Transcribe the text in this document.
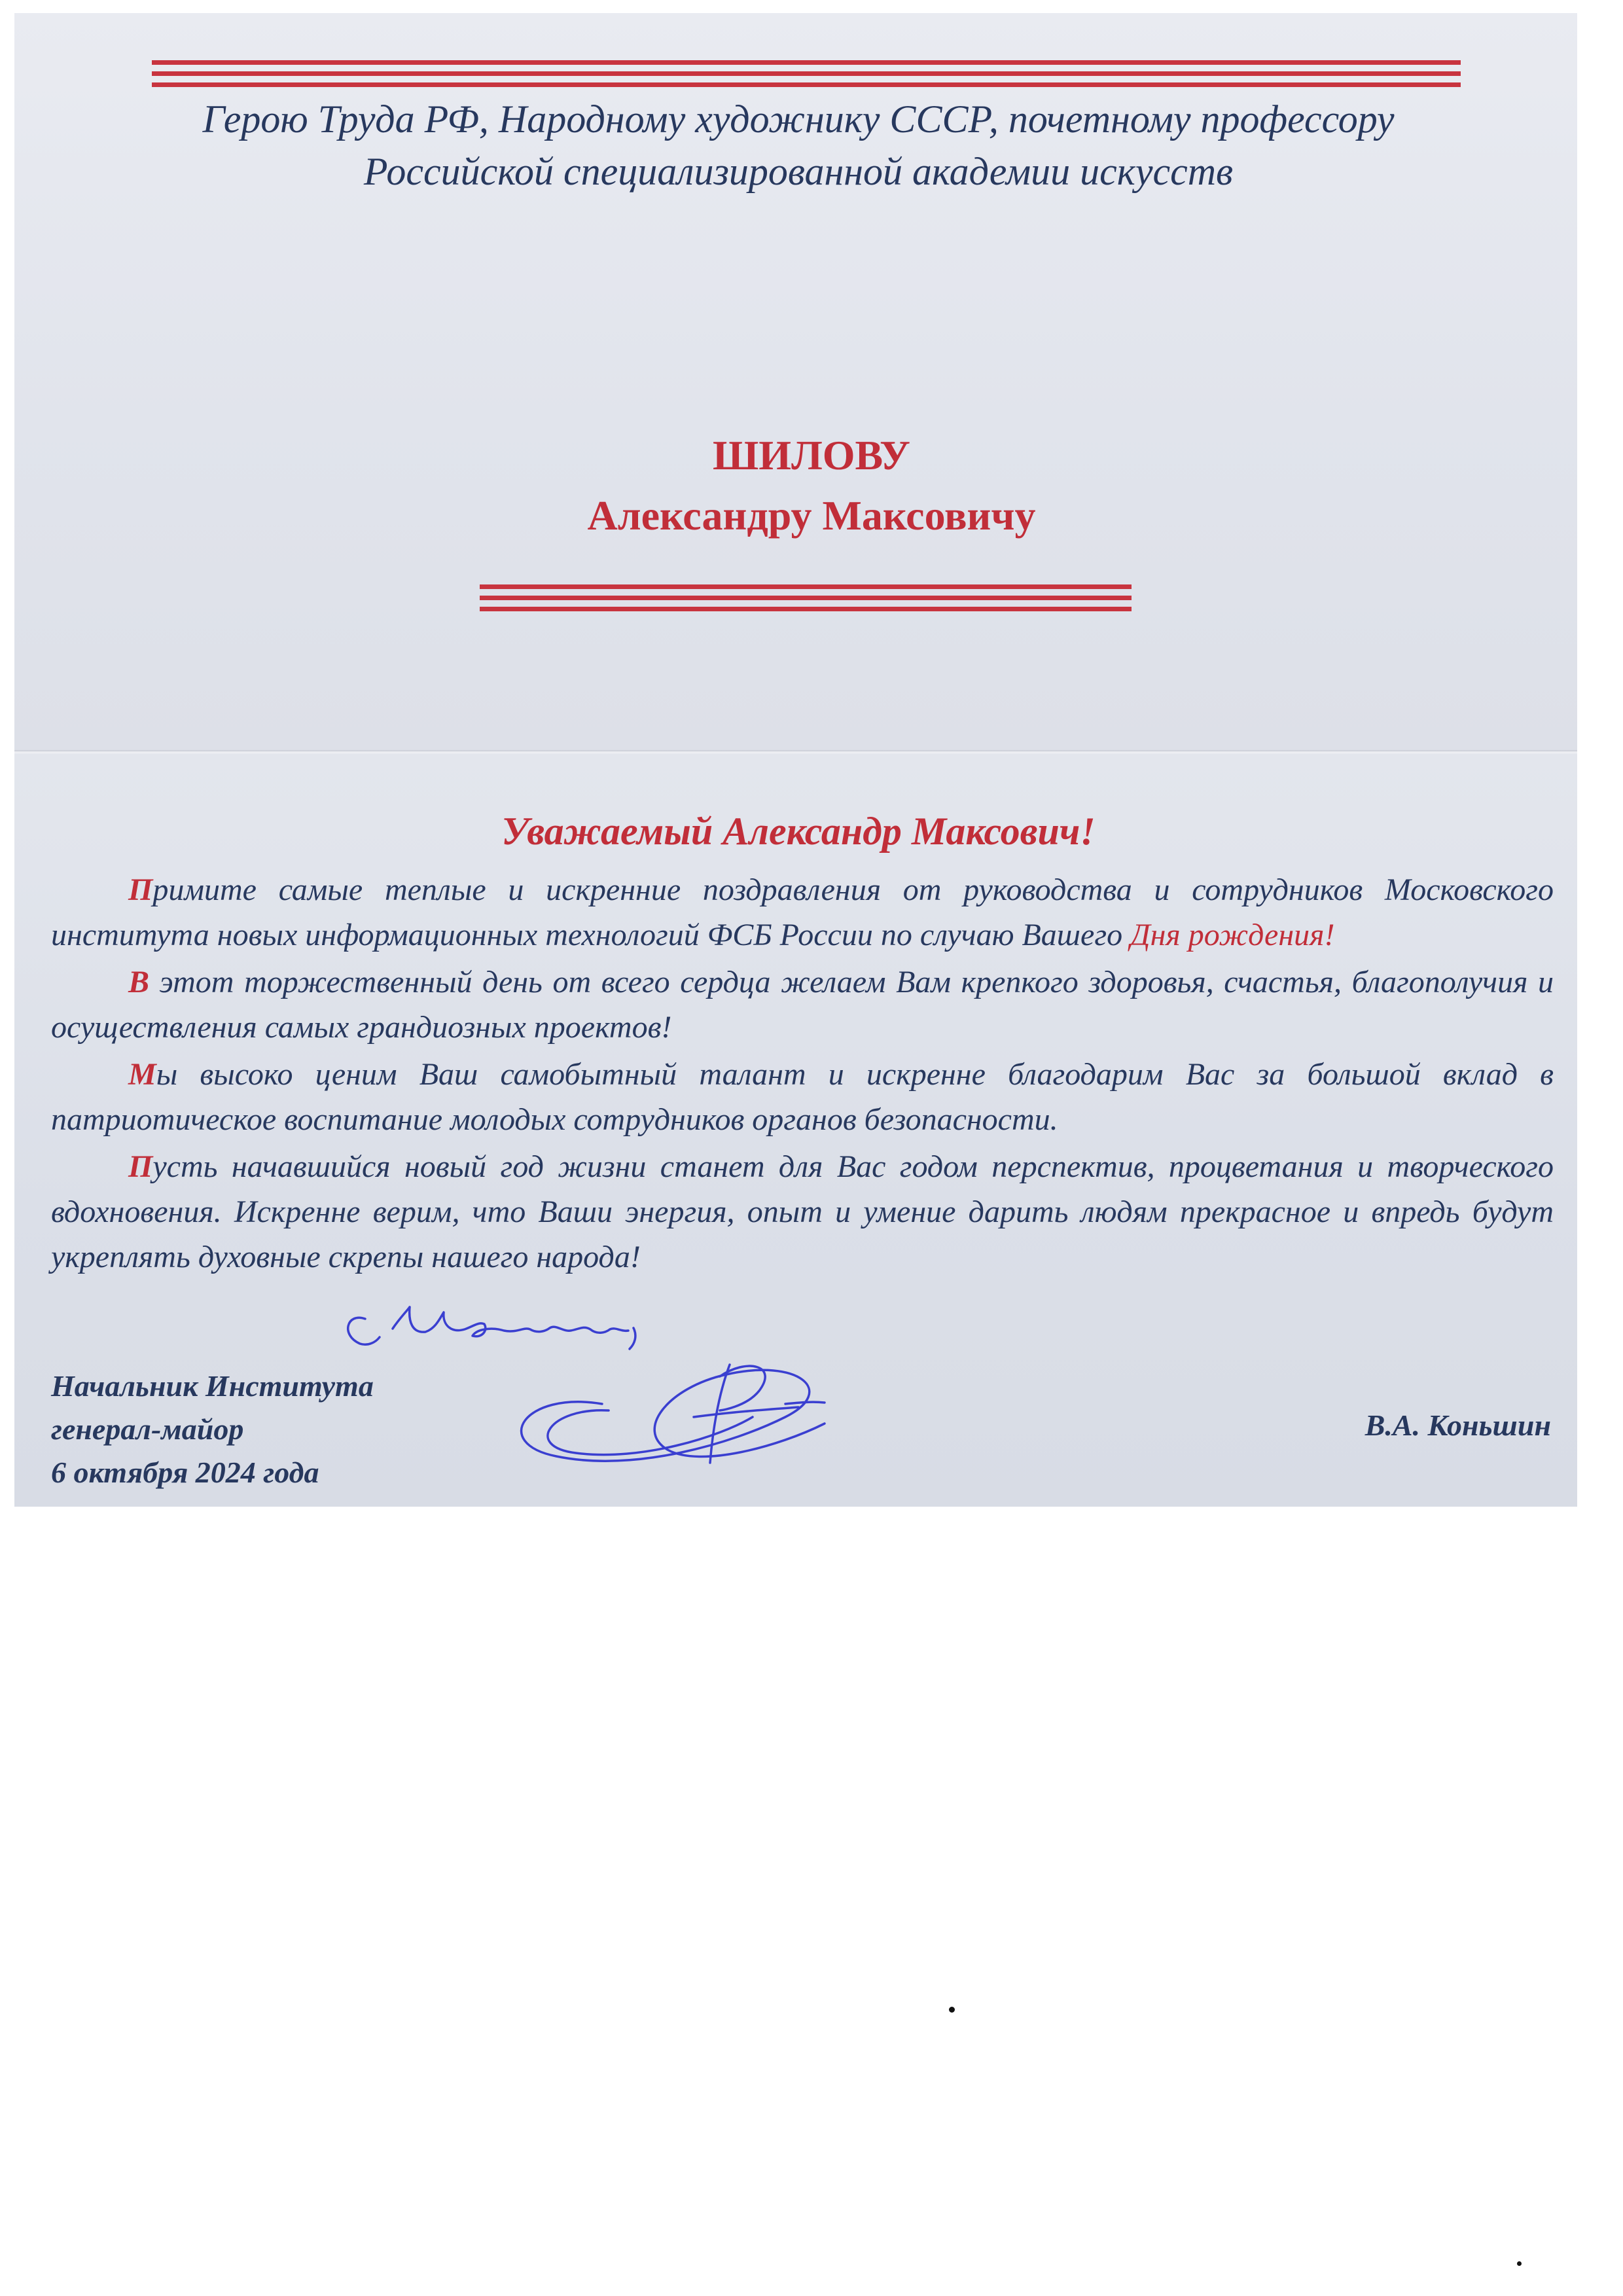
Герою Труда РФ, Народному художнику СССР, почетному профессору
Российской специализированной академии искусств
ШИЛОВУ
Александру Максовичу
Уважаемый Александр Максович!

Примите самые теплые и искренние поздравления от руководства и сотрудников Московского института новых информационных технологий ФСБ России по случаю Вашего Дня рождения!

В этот торжественный день от всего сердца желаем Вам крепкого здоровья, счастья, благополучия и осуществления самых грандиозных проектов!

Мы высоко ценим Ваш самобытный талант и искренне благодарим Вас за большой вклад в патриотическое воспитание молодых сотрудников органов безопасности.

Пусть начавшийся новый год жизни станет для Вас годом перспектив, процветания и творческого вдохновения. Искренне верим, что Ваши энергия, опыт и умение дарить людям прекрасное и впредь будут укреплять духовные скрепы нашего народа!

Начальник Института
генерал-майор
6 октября 2024 года
В.А. Коньшин
